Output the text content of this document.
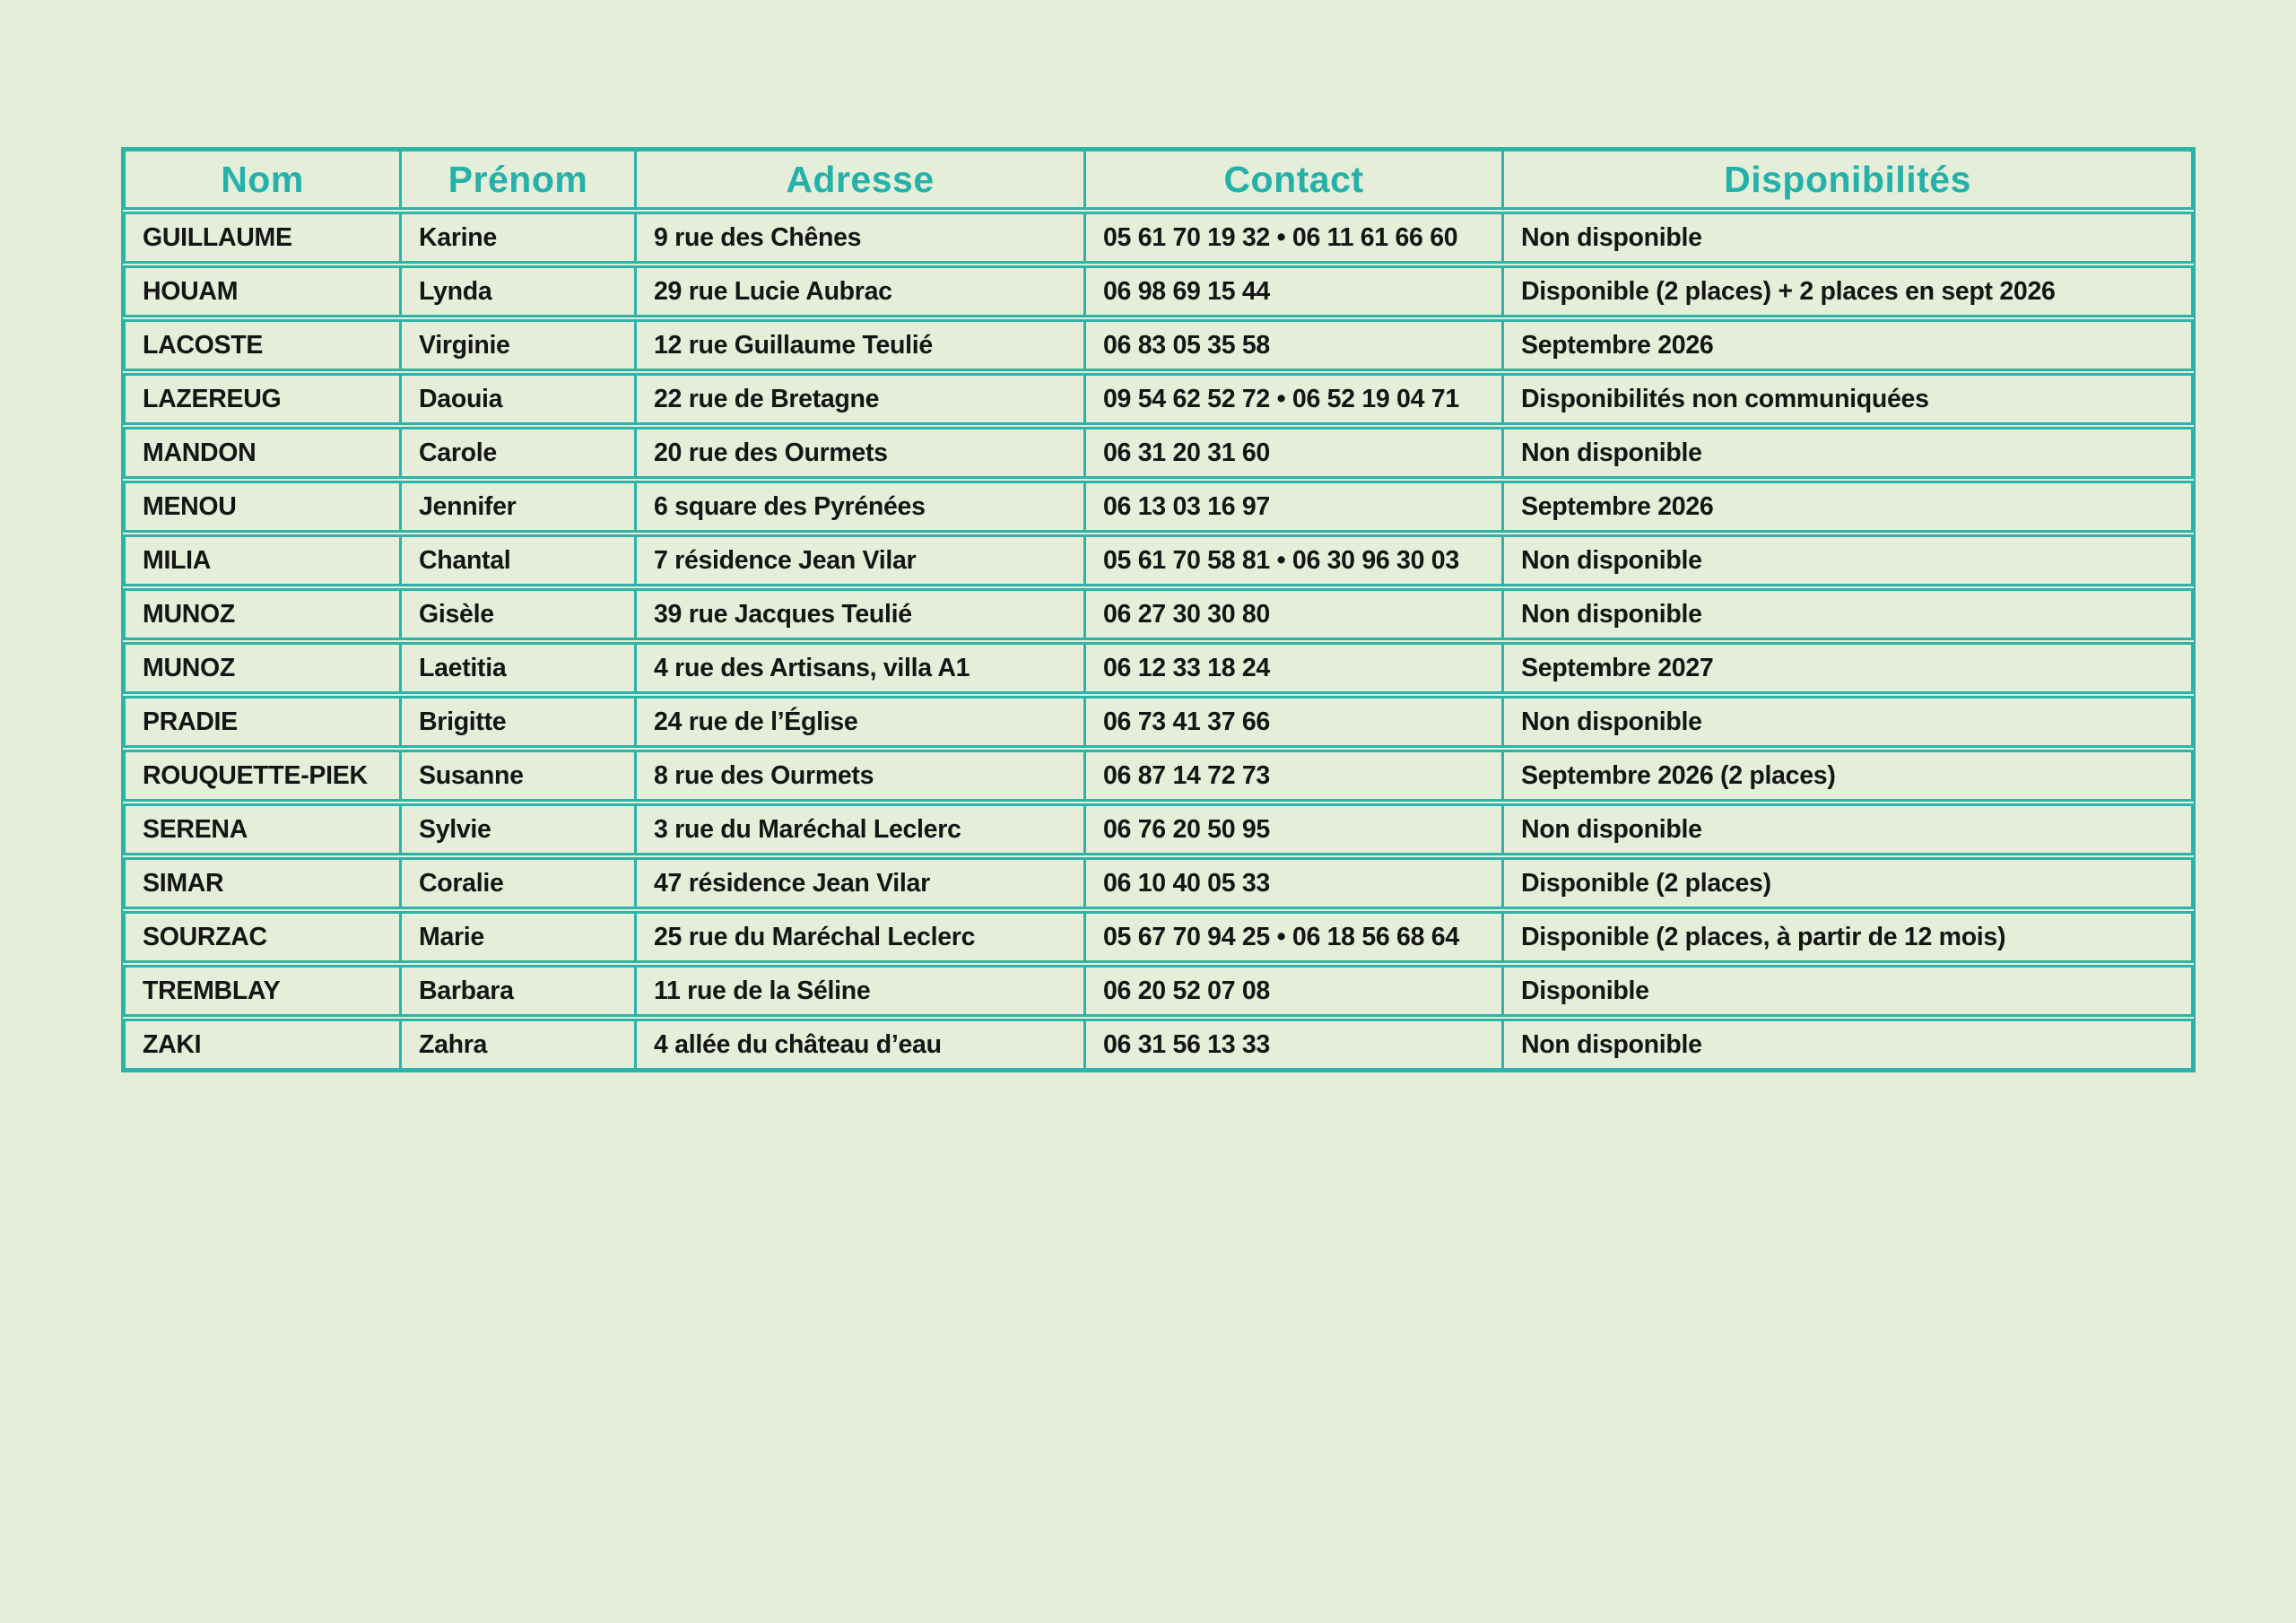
Nom	Prénom	Adresse	Contact	Disponibilités
GUILLAUME	Karine	9 rue des Chênes	05 61 70 19 32 • 06 11 61 66 60	Non disponible
HOUAM	Lynda	29 rue Lucie Aubrac	06 98 69 15 44	Disponible (2 places) + 2 places en sept 2026
LACOSTE	Virginie	12 rue Guillaume Teulié	06 83 05 35 58	Septembre 2026
LAZEREUG	Daouia	22 rue de Bretagne	09 54 62 52 72 • 06 52 19 04 71	Disponibilités non communiquées
MANDON	Carole	20 rue des Ourmets	06 31 20 31 60	Non disponible
MENOU	Jennifer	6 square des Pyrénées	06 13 03 16 97	Septembre 2026
MILIA	Chantal	7 résidence Jean Vilar	05 61 70 58 81 • 06 30 96 30 03	Non disponible
MUNOZ	Gisèle	39 rue Jacques Teulié	06 27 30 30 80	Non disponible
MUNOZ	Laetitia	4 rue des Artisans, villa A1	06 12 33 18 24	Septembre 2027
PRADIE	Brigitte	24 rue de l’Église	06 73 41 37 66	Non disponible
ROUQUETTE-PIEK	Susanne	8 rue des Ourmets	06 87 14 72 73	Septembre 2026 (2 places)
SERENA	Sylvie	3 rue du Maréchal Leclerc	06 76 20 50 95	Non disponible
SIMAR	Coralie	47 résidence Jean Vilar	06 10 40 05 33	Disponible (2 places)
SOURZAC	Marie	25 rue du Maréchal Leclerc	05 67 70 94 25 • 06 18 56 68 64	Disponible (2 places, à partir de 12 mois)
TREMBLAY	Barbara	11 rue de la Séline	06 20 52 07 08	Disponible
ZAKI	Zahra	4 allée du château d’eau	06 31 56 13 33	Non disponible
